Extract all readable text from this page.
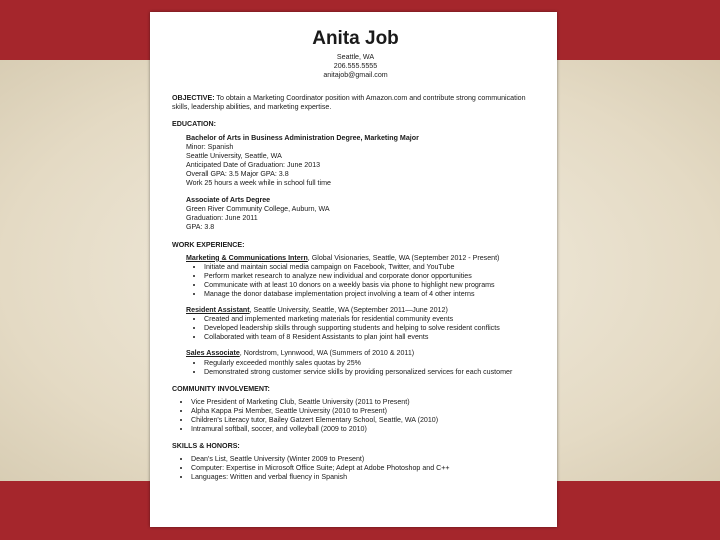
Anita Job
Seattle, WA
206.555.5555
anitajob@gmail.com
OBJECTIVE: To obtain a Marketing Coordinator position with Amazon.com and contribute strong communication skills, leadership abilities, and marketing expertise.
EDUCATION:
Bachelor of Arts in Business Administration Degree, Marketing Major
Minor: Spanish
Seattle University, Seattle, WA
Anticipated Date of Graduation: June 2013
Overall GPA: 3.5 Major GPA: 3.8
Work 25 hours a week while in school full time
Associate of Arts Degree
Green River Community College, Auburn, WA
Graduation: June 2011
GPA: 3.8
WORK EXPERIENCE:
Marketing & Communications Intern, Global Visionaries, Seattle, WA (September 2012 - Present)
• Initiate and maintain social media campaign on Facebook, Twitter, and YouTube
• Perform market research to analyze new individual and corporate donor opportunities
• Communicate with at least 10 donors on a weekly basis via phone to highlight new programs
• Manage the donor database implementation project involving a team of 4 other interns
Resident Assistant, Seattle University, Seattle, WA (September 2011—June 2012)
• Created and implemented marketing materials for residential community events
• Developed leadership skills through supporting students and helping to solve resident conflicts
• Collaborated with team of 8 Resident Assistants to plan joint hall events
Sales Associate, Nordstrom, Lynnwood, WA (Summers of 2010 & 2011)
• Regularly exceeded monthly sales quotas by 25%
• Demonstrated strong customer service skills by providing personalized services for each customer
COMMUNITY INVOLVEMENT:
• Vice President of Marketing Club, Seattle University (2011 to Present)
• Alpha Kappa Psi Member, Seattle University (2010 to Present)
• Children's Literacy tutor, Bailey Gatzert Elementary School, Seattle, WA (2010)
• Intramural softball, soccer, and volleyball (2009 to 2010)
SKILLS & HONORS:
• Dean's List, Seattle University (Winter 2009 to Present)
• Computer: Expertise in Microsoft Office Suite; Adept at Adobe Photoshop and C++
• Languages: Written and verbal fluency in Spanish
